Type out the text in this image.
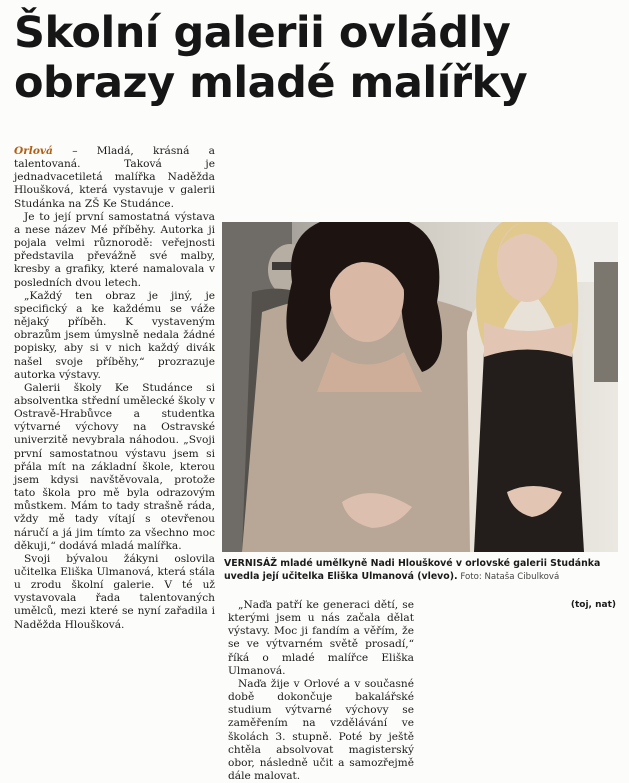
Školní galerii ovládly
obrazy mladé malířky

Orlová – Mladá, krásná a talentovaná. Taková je jednadvacetiletá malířka Naděžda Hloušková, která vystavuje v galerii Studánka na ZŠ Ke Studánce.

Je to její první samostatná výstava a nese název Mé příběhy. Autorka ji pojala velmi různorodě: veřejnosti představila převážně své malby, kresby a grafiky, které namalovala v posledních dvou letech.

„Každý ten obraz je jiný, je specifický a ke každému se váže nějaký příběh. K vystaveným obrazům jsem úmyslně nedala žádné popisky, aby si v nich každý divák našel svoje příběhy,“ prozrazuje autorka výstavy.

Galerii školy Ke Studánce si absolventka střední umělecké školy v Ostravě-Hrabůvce a studentka výtvarné výchovy na Ostravské univerzitě nevybrala náhodou. „Svoji první samostatnou výstavu jsem si přála mít na základní škole, kterou jsem kdysi navštěvovala, protože tato škola pro mě byla odrazovým můstkem. Mám to tady strašně ráda, vždy mě tady vítají s otevřenou náručí a já jim tímto za všechno moc děkuji,“ dodává mladá malířka.

Svoji bývalou žákyni oslovila učitelka Eliška Ulmanová, která stála u zrodu školní galerie. V té už vystavovala řada talentovaných umělců, mezi které se nyní zařadila i Naděžda Hloušková.

VERNISÁŽ mladé umělkyně Nadi Hlouškové v orlovské galerii Studánka uvedla její učitelka Eliška Ulmanová (vlevo). Foto: Nataša Cibulková

„Naďa patří ke generaci dětí, se kterými jsem u nás začala dělat výstavy. Moc ji fandím a věřím, že se ve výtvarném světě prosadí,“ říká o mladé malířce Eliška Ulmanová.

Naďa žije v Orlové a v současné době dokončuje bakalářské studium výtvarné výchovy se zaměřením na vzdělávání ve školách 3. stupně. Poté by ještě chtěla absolvovat magisterský obor, následně učit a samozřejmě dále malovat.

(toj, nat)
